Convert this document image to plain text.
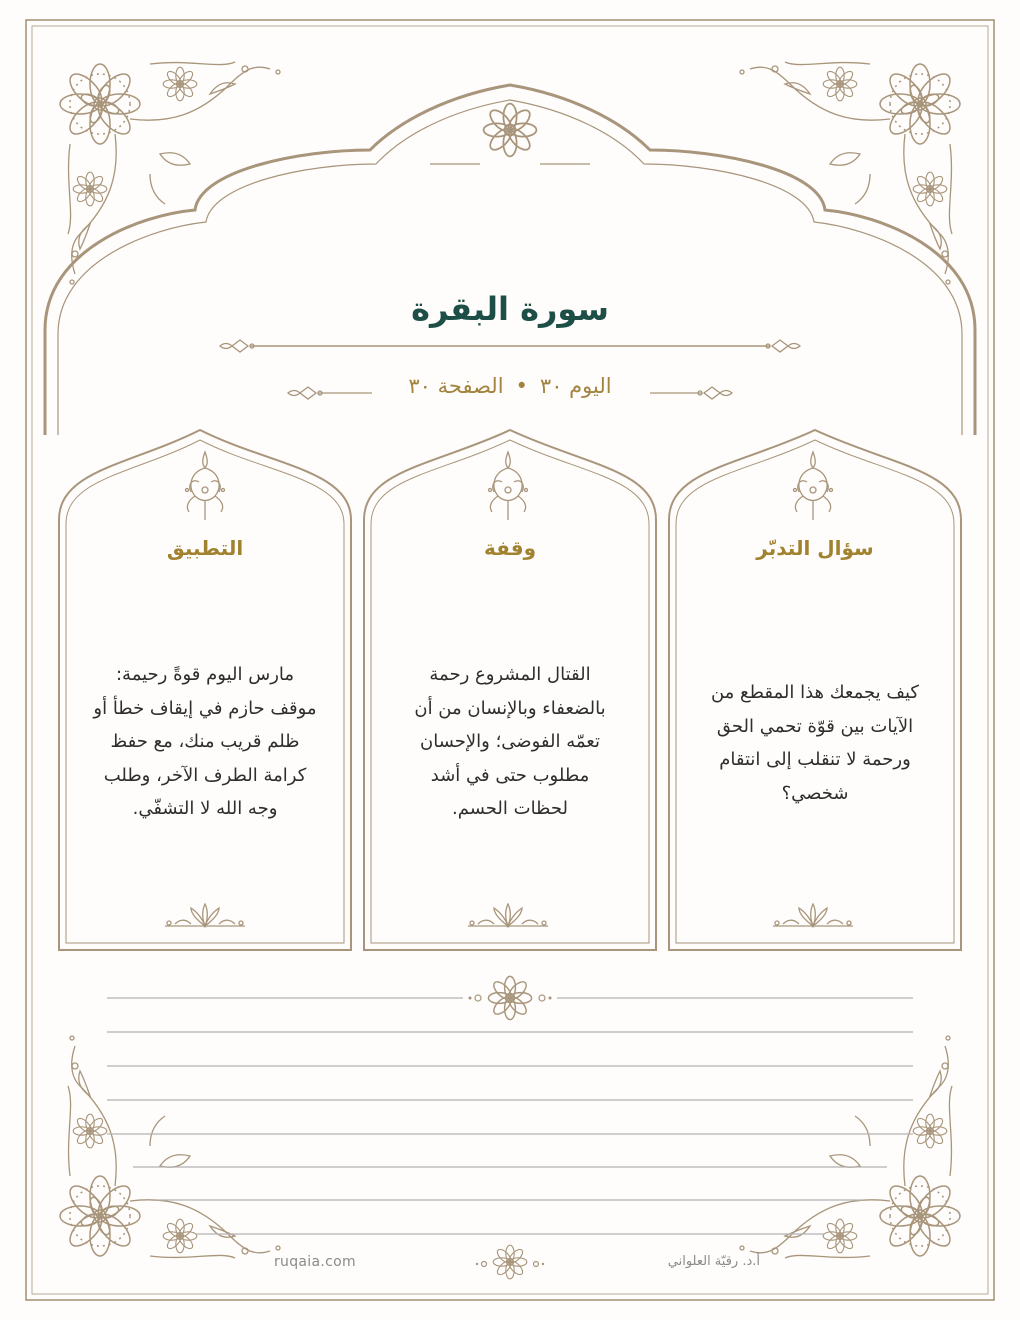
سورة البقرة
اليوم ٣٠•الصفحة ٣٠
سؤال التدبّر
كيف يجمعك هذا المقطع من
الآيات بين قوّة تحمي الحق
ورحمة لا تنقلب إلى انتقام
شخصي؟
وقفة
القتال المشروع رحمة
بالضعفاء وبالإنسان من أن
تعمّه الفوضى؛ والإحسان
مطلوب حتى في أشد
لحظات الحسم.
التطبيق
مارس اليوم قوةً رحيمة:
موقف حازم في إيقاف خطأ أو
ظلم قريب منك، مع حفظ
كرامة الطرف الآخر، وطلب
وجه الله لا التشفّي.
ruqaia.com	أ.د. رقيّة العلواني
